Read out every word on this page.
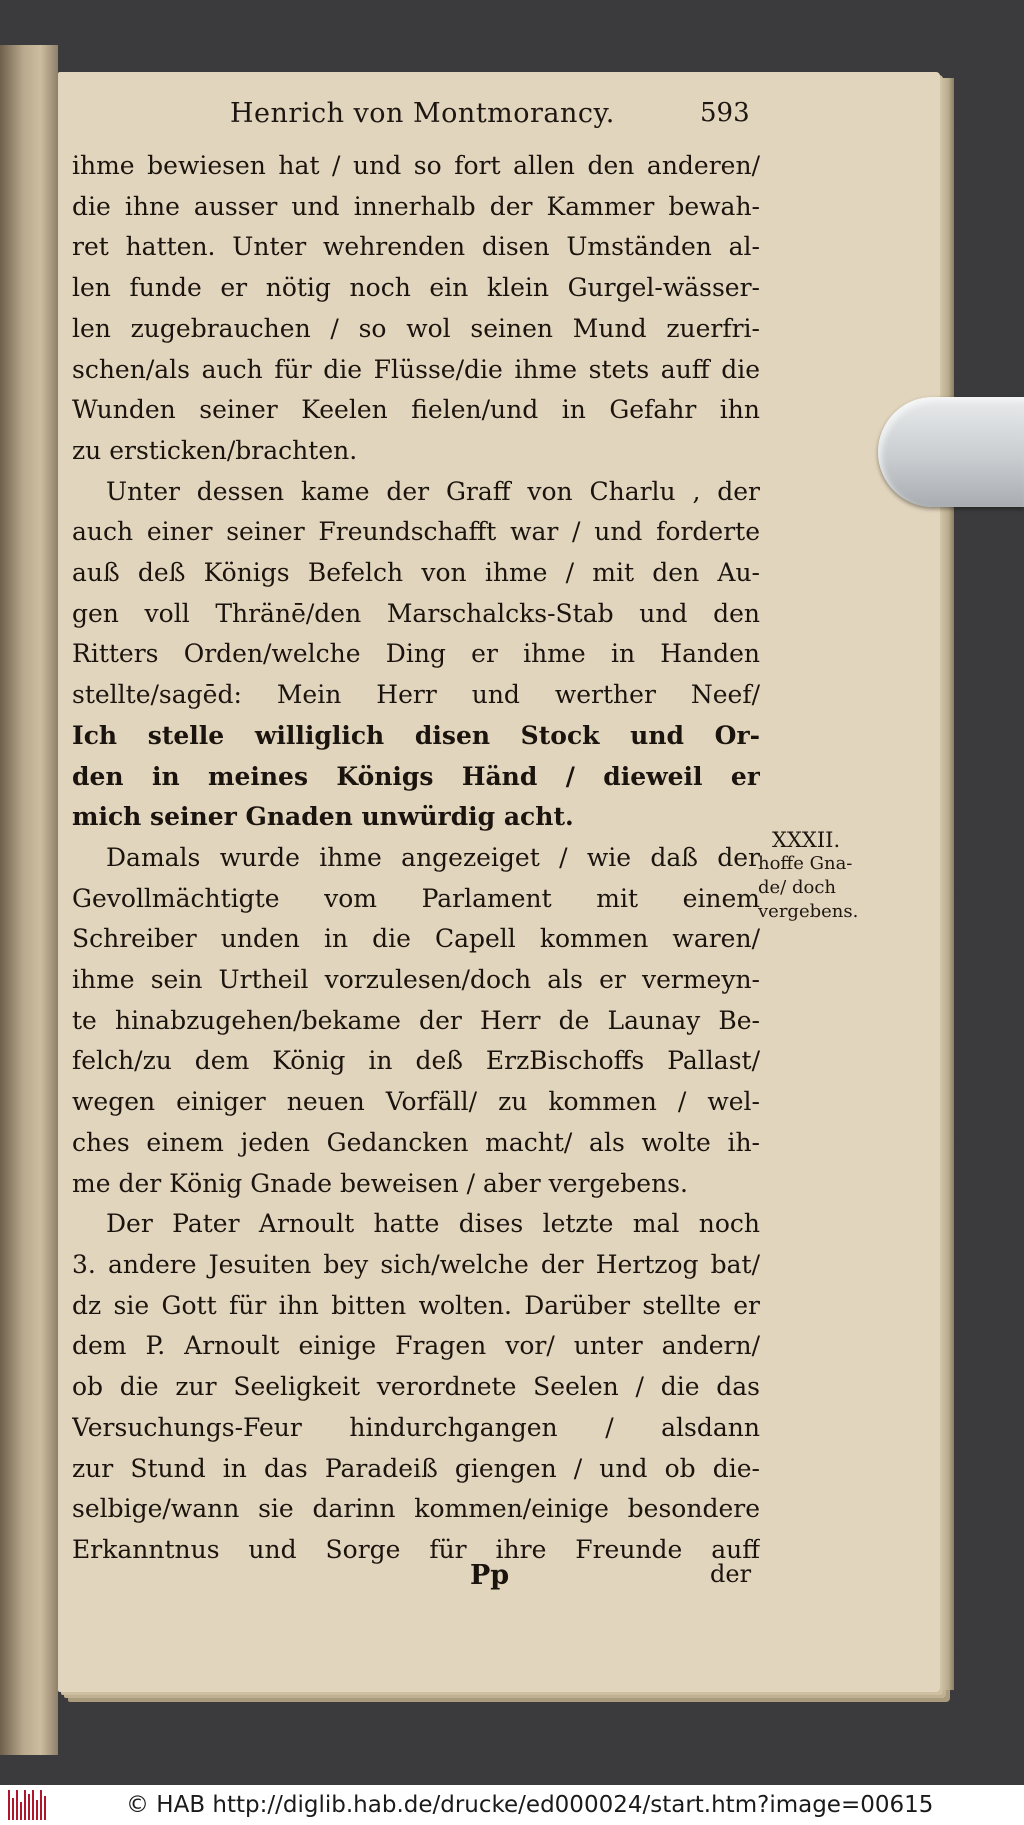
Henrich von Montmorancy.	593
ihme bewiesen hat / und so fort allen den anderen/
die ihne ausser und innerhalb der Kammer bewah-
ret hatten. Unter wehrenden disen Umständen al-
len funde er nötig noch ein klein Gurgel-wässer-
len zugebrauchen / so wol seinen Mund zuerfri-
schen/als auch für die Flüsse/die ihme stets auff die
Wunden seiner Keelen fielen/und in Gefahr ihn
zu ersticken/brachten.
Unter dessen kame der Graff von Charlu , der
auch einer seiner Freundschafft war / und forderte
auß deß Königs Befelch von ihme / mit den Au-
gen voll Thränē/den Marschalcks-Stab und den
Ritters Orden/welche Ding er ihme in Handen
stellte/sagēd: Mein Herr und werther Neef/
Ich stelle williglich disen Stock und Or-
den in meines Königs Händ / dieweil er
mich seiner Gnaden unwürdig acht.
Damals wurde ihme angezeiget / wie daß der
Gevollmächtigte vom Parlament mit einem
Schreiber unden in die Capell kommen waren/
ihme sein Urtheil vorzulesen/doch als er vermeyn-
te hinabzugehen/bekame der Herr de Launay Be-
felch/zu dem König in deß ErzBischoffs Pallast/
wegen einiger neuen Vorfäll/ zu kommen / wel-
ches einem jeden Gedancken macht/ als wolte ih-
me der König Gnade beweisen / aber vergebens.
Der Pater Arnoult hatte dises letzte mal noch
3. andere Jesuiten bey sich/welche der Hertzog bat/
dz sie Gott für ihn bitten wolten. Darüber stellte er
dem P. Arnoult einige Fragen vor/ unter andern/
ob die zur Seeligkeit verordnete Seelen / die das
Versuchungs-Feur hindurchgangen / alsdann
zur Stund in das Paradeiß giengen / und ob die-
selbige/wann sie darinn kommen/einige besondere
Erkanntnus und Sorge für ihre Freunde auff
XXXII.
hoffe Gna-
de/ doch
vergebens.
Pp	der
© HAB http://diglib.hab.de/drucke/ed000024/start.htm?image=00615
